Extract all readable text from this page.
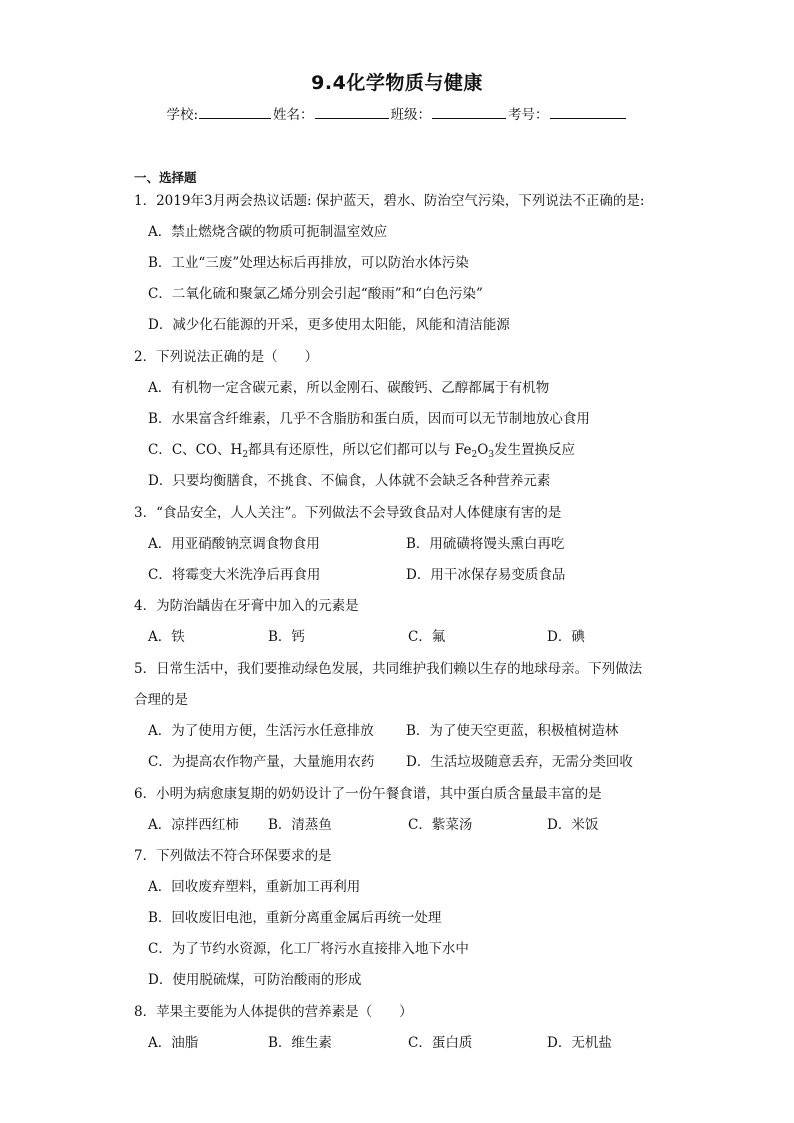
9.4化学物质与健康
学校:	姓名：	班级：	考号：
一、选择题
1．2019年3月两会热议话题: 保护蓝天，碧水、防治空气污染，下列说法不正确的是:
A．禁止燃烧含碳的物质可扼制温室效应
B．工业“三废”处理达标后再排放，可以防治水体污染
C．二氧化硫和聚氯乙烯分别会引起“酸雨”和“白色污染”
D．减少化石能源的开采，更多使用太阳能，风能和清洁能源
2．下列说法正确的是（　　）
A．有机物一定含碳元素，所以金刚石、碳酸钙、乙醇都属于有机物
B．水果富含纤维素，几乎不含脂肪和蛋白质，因而可以无节制地放心食用
C．C、CO、$H_2$都具有还原性，所以它们都可以与 $Fe_2O_3$发生置换反应
D．只要均衡膳食，不挑食、不偏食，人体就不会缺乏各种营养元素
3．“食品安全，人人关注”。下列做法不会导致食品对人体健康有害的是
A．用亚硝酸钠烹调食物食用	B．用硫磺将馒头熏白再吃
C．将霉变大米洗净后再食用	D．用干冰保存易变质食品
4．为防治龋齿在牙膏中加入的元素是
A．铁	B．钙	C．氟	D．碘
5．日常生活中，我们要推动绿色发展，共同维护我们赖以生存的地球母亲。下列做法
合理的是
A．为了使用方便，生活污水任意排放 B．为了使天空更蓝，积极植树造林
C．为提高农作物产量，大量施用农药 D．生活垃圾随意丢弃，无需分类回收
6．小明为病愈康复期的奶奶设计了一份午餐食谱，其中蛋白质含量最丰富的是
A．凉拌西红柿 B．清蒸鱼	C．紫菜汤	D．米饭
7．下列做法不符合环保要求的是
A．回收废弃塑料，重新加工再利用
B．回收废旧电池，重新分离重金属后再统一处理
C．为了节约水资源，化工厂将污水直接排入地下水中
D．使用脱硫煤，可防治酸雨的形成
8．苹果主要能为人体提供的营养素是（　　）
A．油脂	B．维生素	C．蛋白质	D．无机盐
